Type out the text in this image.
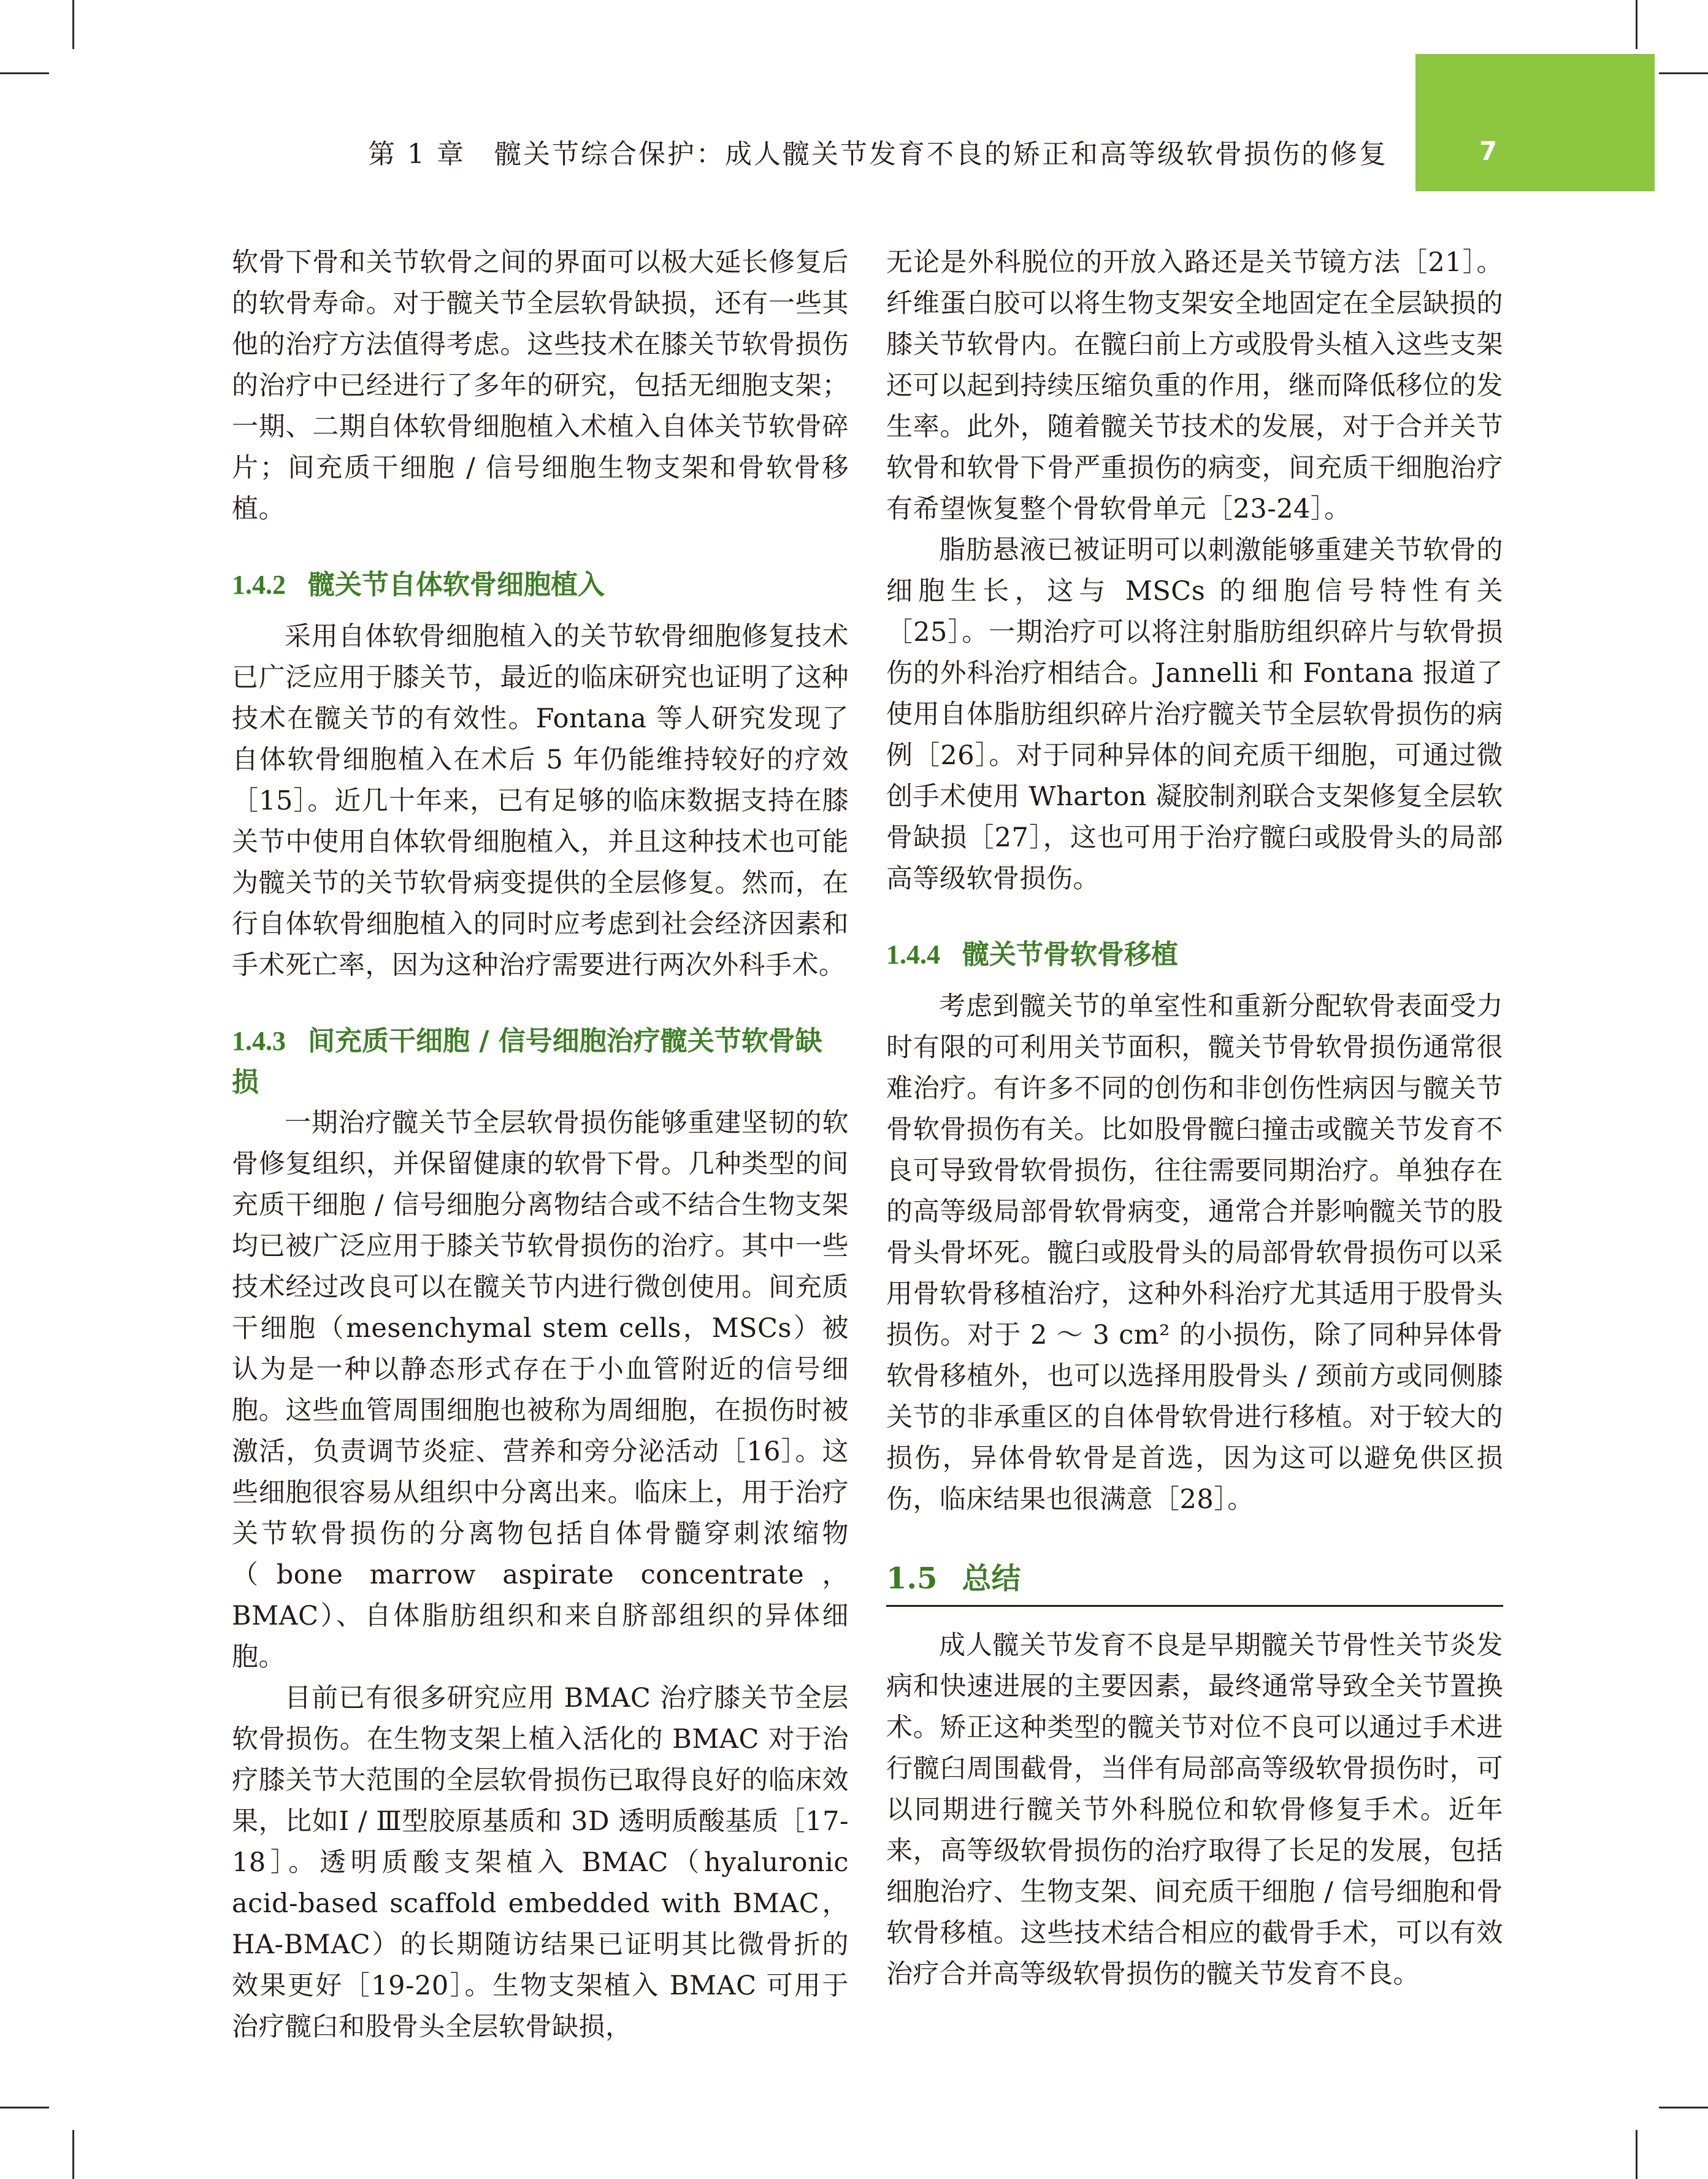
第 1 章　髋关节综合保护：成人髋关节发育不良的矫正和高等级软骨损伤的修复	7

软骨下骨和关节软骨之间的界面可以极大延长修复后的软骨寿命。对于髋关节全层软骨缺损，还有一些其他的治疗方法值得考虑。这些技术在膝关节软骨损伤的治疗中已经进行了多年的研究，包括无细胞支架；一期、二期自体软骨细胞植入术植入自体关节软骨碎片；间充质干细胞 / 信号细胞生物支架和骨软骨移植。

1.4.2 髋关节自体软骨细胞植入

采用自体软骨细胞植入的关节软骨细胞修复技术已广泛应用于膝关节，最近的临床研究也证明了这种技术在髋关节的有效性。Fontana 等人研究发现了自体软骨细胞植入在术后 5 年仍能维持较好的疗效［15］。近几十年来，已有足够的临床数据支持在膝关节中使用自体软骨细胞植入，并且这种技术也可能为髋关节的关节软骨病变提供的全层修复。然而，在行自体软骨细胞植入的同时应考虑到社会经济因素和手术死亡率，因为这种治疗需要进行两次外科手术。

1.4.3 间充质干细胞 / 信号细胞治疗髋关节软骨缺损

一期治疗髋关节全层软骨损伤能够重建坚韧的软骨修复组织，并保留健康的软骨下骨。几种类型的间充质干细胞 / 信号细胞分离物结合或不结合生物支架均已被广泛应用于膝关节软骨损伤的治疗。其中一些技术经过改良可以在髋关节内进行微创使用。间充质干细胞（mesenchymal stem cells，MSCs）被认为是一种以静态形式存在于小血管附近的信号细胞。这些血管周围细胞也被称为周细胞，在损伤时被激活，负责调节炎症、营养和旁分泌活动［16］。这些细胞很容易从组织中分离出来。临床上，用于治疗关节软骨损伤的分离物包括自体骨髓穿刺浓缩物（bone marrow aspirate concentrate，BMAC）、自体脂肪组织和来自脐部组织的异体细胞。

目前已有很多研究应用 BMAC 治疗膝关节全层软骨损伤。在生物支架上植入活化的 BMAC 对于治疗膝关节大范围的全层软骨损伤已取得良好的临床效果，比如Ⅰ / Ⅲ型胶原基质和 3D 透明质酸基质［17-18］。透明质酸支架植入 BMAC（hyaluronic acid-based scaffold embedded with BMAC，HA-BMAC）的长期随访结果已证明其比微骨折的效果更好［19-20］。生物支架植入 BMAC 可用于治疗髋臼和股骨头全层软骨缺损，

无论是外科脱位的开放入路还是关节镜方法［21］。纤维蛋白胶可以将生物支架安全地固定在全层缺损的膝关节软骨内。在髋臼前上方或股骨头植入这些支架还可以起到持续压缩负重的作用，继而降低移位的发生率。此外，随着髋关节技术的发展，对于合并关节软骨和软骨下骨严重损伤的病变，间充质干细胞治疗有希望恢复整个骨软骨单元［23-24］。

脂肪悬液已被证明可以刺激能够重建关节软骨的细胞生长，这与 MSCs 的细胞信号特性有关［25］。一期治疗可以将注射脂肪组织碎片与软骨损伤的外科治疗相结合。Jannelli 和 Fontana 报道了使用自体脂肪组织碎片治疗髋关节全层软骨损伤的病例［26］。对于同种异体的间充质干细胞，可通过微创手术使用 Wharton 凝胶制剂联合支架修复全层软骨缺损［27］，这也可用于治疗髋臼或股骨头的局部高等级软骨损伤。

1.4.4 髋关节骨软骨移植

考虑到髋关节的单室性和重新分配软骨表面受力时有限的可利用关节面积，髋关节骨软骨损伤通常很难治疗。有许多不同的创伤和非创伤性病因与髋关节骨软骨损伤有关。比如股骨髋臼撞击或髋关节发育不良可导致骨软骨损伤，往往需要同期治疗。单独存在的高等级局部骨软骨病变，通常合并影响髋关节的股骨头骨坏死。髋臼或股骨头的局部骨软骨损伤可以采用骨软骨移植治疗，这种外科治疗尤其适用于股骨头损伤。对于 2 ～ 3 cm² 的小损伤，除了同种异体骨软骨移植外，也可以选择用股骨头 / 颈前方或同侧膝关节的非承重区的自体骨软骨进行移植。对于较大的损伤，异体骨软骨是首选，因为这可以避免供区损伤，临床结果也很满意［28］。

1.5 总结

成人髋关节发育不良是早期髋关节骨性关节炎发病和快速进展的主要因素，最终通常导致全关节置换术。矫正这种类型的髋关节对位不良可以通过手术进行髋臼周围截骨，当伴有局部高等级软骨损伤时，可以同期进行髋关节外科脱位和软骨修复手术。近年来，高等级软骨损伤的治疗取得了长足的发展，包括细胞治疗、生物支架、间充质干细胞 / 信号细胞和骨软骨移植。这些技术结合相应的截骨手术，可以有效治疗合并高等级软骨损伤的髋关节发育不良。
